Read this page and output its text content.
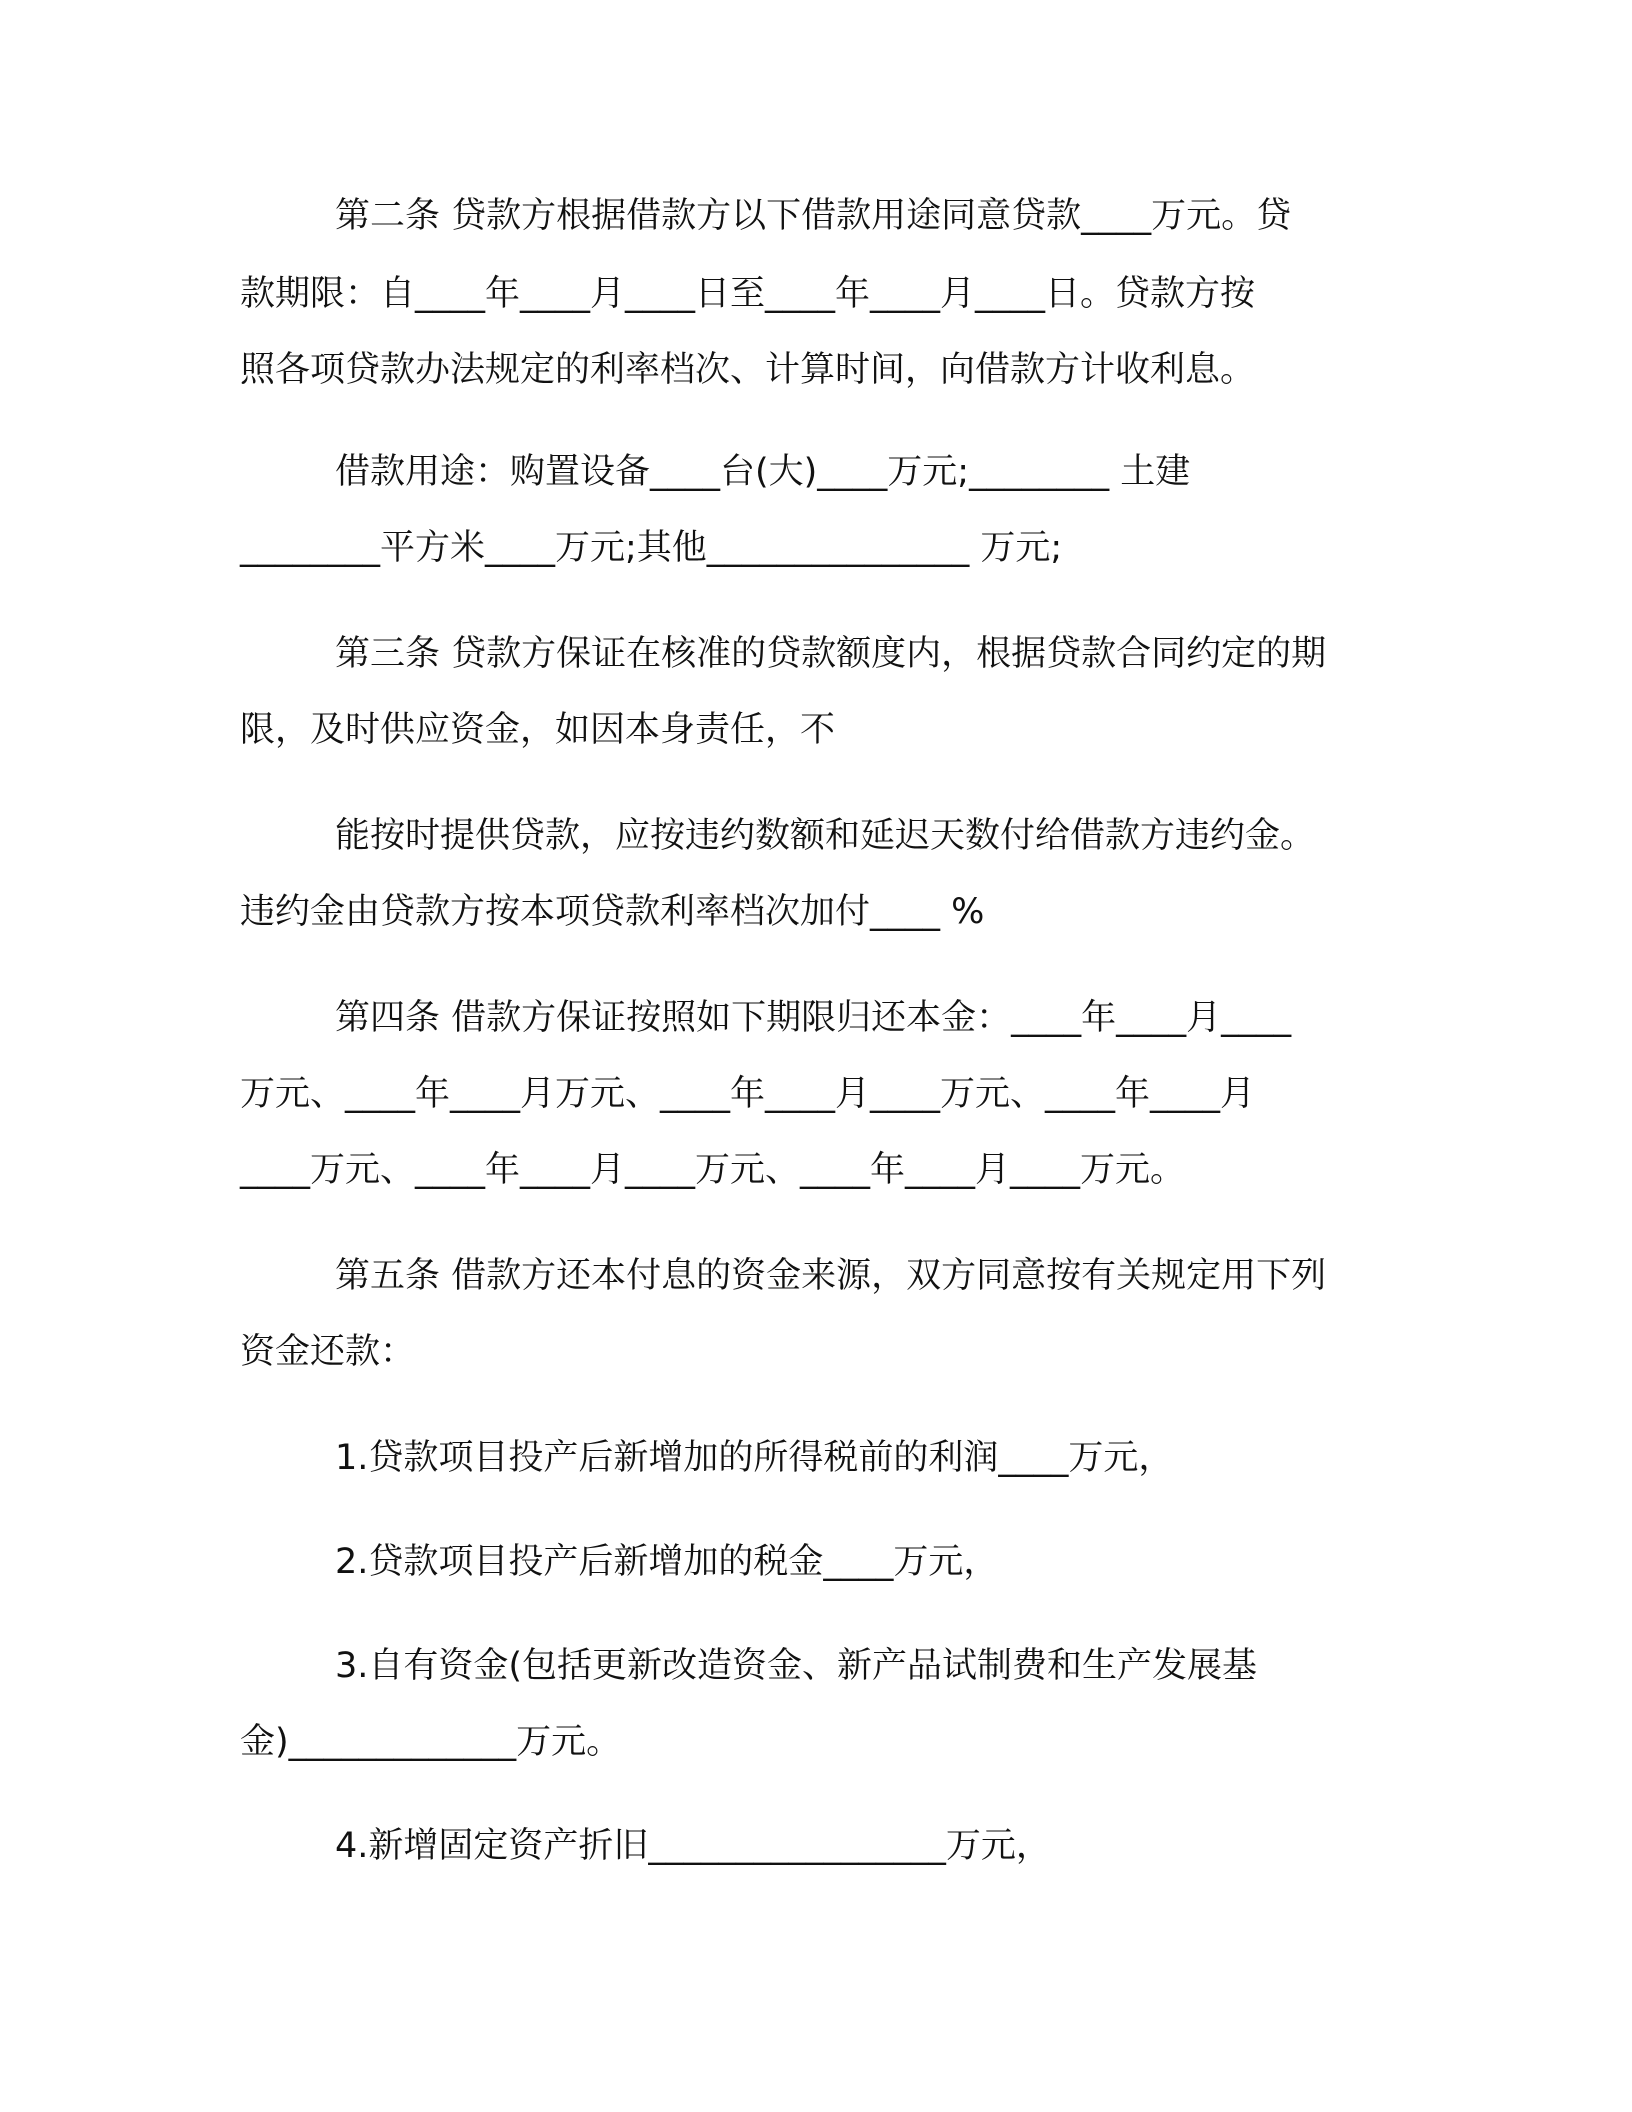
第二条 贷款方根据借款方以下借款用途同意贷款____万元。贷
款期限：自____年____月____日至____年____月____日。贷款方按
照各项贷款办法规定的利率档次、计算时间，向借款方计收利息。
借款用途：购置设备____台(大)____万元;________ 土建
________平方米____万元;其他_______________ 万元;
第三条 贷款方保证在核准的贷款额度内，根据贷款合同约定的期
限，及时供应资金，如因本身责任，不
能按时提供贷款，应按违约数额和延迟天数付给借款方违约金。
违约金由贷款方按本项贷款利率档次加付____ %
第四条 借款方保证按照如下期限归还本金：____年____月____
万元、____年____月万元、____年____月____万元、____年____月
____万元、____年____月____万元、____年____月____万元。
第五条 借款方还本付息的资金来源，双方同意按有关规定用下列
资金还款：
1.贷款项目投产后新增加的所得税前的利润____万元，
2.贷款项目投产后新增加的税金____万元，
3.自有资金(包括更新改造资金、新产品试制费和生产发展基
金)_____________万元。
4.新增固定资产折旧_________________万元，
